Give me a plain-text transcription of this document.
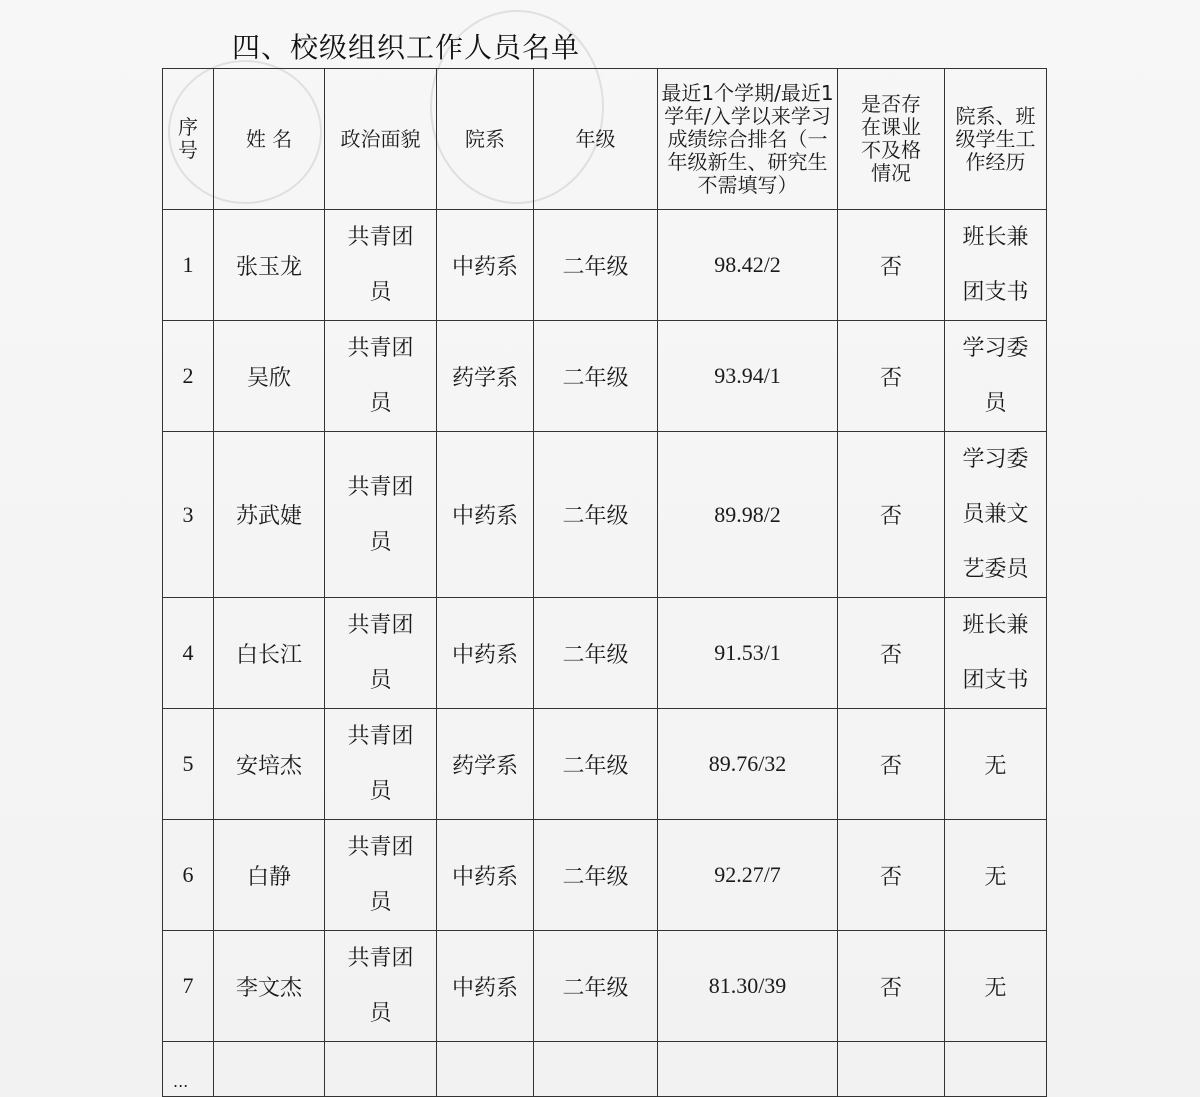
四、校级组织工作人员名单
序号	姓 名	政治面貌	院系	年级	最近1个学期/最近1学年/入学以来学习成绩综合排名（一年级新生、研究生不需填写）	是否存在课业不及格情况	院系、班级学生工作经历
1	张玉龙	共青团员	中药系	二年级	98.42/2	否	班长兼团支书
2	吴欣	共青团员	药学系	二年级	93.94/1	否	学习委员
3	苏武婕	共青团员	中药系	二年级	89.98/2	否	学习委员兼文艺委员
4	白长江	共青团员	中药系	二年级	91.53/1	否	班长兼团支书
5	安培杰	共青团员	药学系	二年级	89.76/32	否	无
6	白静	共青团员	中药系	二年级	92.27/7	否	无
7	李文杰	共青团员	中药系	二年级	81.30/39	否	无

...							
